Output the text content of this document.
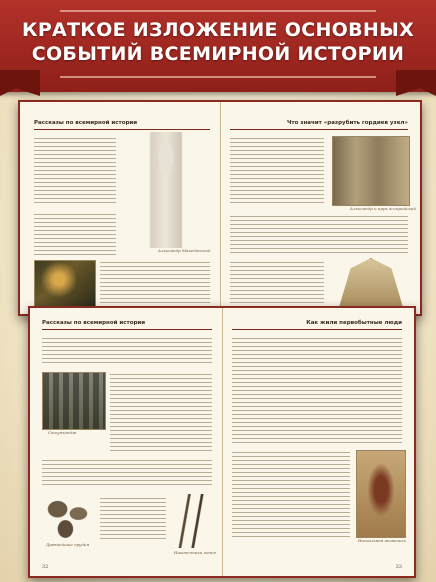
КРАТКОЕ ИЗЛОЖЕНИЕ ОСНОВНЫХ
СОБЫТИЙ ВСЕМИРНОЙ ИСТОРИИ
Рассказы по всемирной истории
Александр Македонский
Что значит «разрубить гордиев узел»
Александр и царь ассирийский
Рассказы по всемирной истории
Стоунхендж
Древнейшие орудия
Наконечники копья
32
Как жили первобытные люди
Наскальная живопись
33
